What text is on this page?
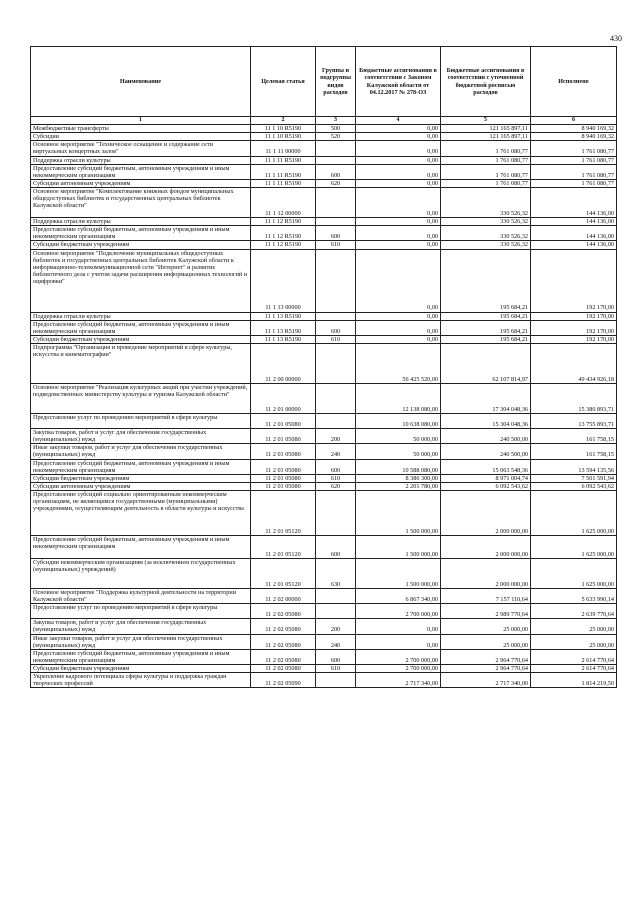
430
Наименование	Целевая статья	Группы и подгруппы видов расходов	Бюджетные ассигнования в соответствии с Законом Калужской области от 04.12.2017 № 278-ОЗ	Бюджетные ассигнования в соответствии с уточненной бюджетной росписью расходов	Исполнено
1	2	3	4	5	6
Межбюджетные трансферты	11 1 10 R5190	500	0,00	121 165 897,11	8 940 169,32
Субсидии	11 1 10 R5190	520	0,00	121 165 897,11	8 940 169,32
Основное мероприятие "Техническое оснащение и содержание сети виртуальных концертных залов"	11 1 11 00000		0,00	1 761 080,77	1 761 080,77
Поддержка отрасли культуры	11 1 11 R5190		0,00	1 761 080,77	1 761 080,77
Предоставление субсидий бюджетным, автономным учреждениям и иным некоммерческим организациям	11 1 11 R5190	600	0,00	1 761 080,77	1 761 080,77
Субсидии автономным учреждениям	11 1 11 R5190	620	0,00	1 761 080,77	1 761 080,77
Основное мероприятие "Комплектование книжных фондов муниципальных общедоступных библиотек и государственных центральных библиотек Калужской области"	11 1 12 00000		0,00	330 526,32	144 136,00
Поддержка отрасли культуры	11 1 12 R5190		0,00	330 526,32	144 136,00
Предоставление субсидий бюджетным, автономным учреждениям и иным некоммерческим организациям	11 1 12 R5190	600	0,00	330 526,32	144 136,00
Субсидии бюджетным учреждениям	11 1 12 R5190	610	0,00	330 526,32	144 136,00
Основное мероприятие "Подключение муниципальных общедоступных библиотек и государственных центральных библиотек Калужской области к информационно-телекоммуникационной сети "Интернет" и развитие библиотечного дела с учетом задачи расширения информационных технологий и оцифровки"	11 1 13 00000		0,00	195 684,21	192 170,00
Поддержка отрасли культуры	11 1 13 R5190		0,00	195 684,21	192 170,00
Предоставление субсидий бюджетным, автономным учреждениям и иным некоммерческим организациям	11 1 13 R5190	600	0,00	195 684,21	192 170,00
Субсидии бюджетным учреждениям	11 1 13 R5190	610	0,00	195 684,21	192 170,00
Подпрограмма "Организация и проведение мероприятий в сфере культуры, искусства и кинематографии"	11 2 00 00000		56 425 520,00	62 107 814,97	49 434 926,18
Основное мероприятие "Реализация культурных акций при участии учреждений, подведомственных министерству культуры и туризма Калужской области"	11 2 01 00000		12 138 080,00	17 304 048,36	15 380 893,71
Предоставление услуг по проведению мероприятий в сфере культуры	11 2 01 05080		10 638 080,00	15 304 048,36	13 755 893,71
Закупка товаров, работ и услуг для обеспечения государственных (муниципальных) нужд	11 2 01 05080	200	50 000,00	240 500,00	161 758,15
Иные закупки товаров, работ и услуг для обеспечения государственных (муниципальных) нужд	11 2 01 05080	240	50 000,00	240 500,00	161 758,15
Предоставление субсидий бюджетным, автономным учреждениям и иным некоммерческим организациям	11 2 01 05080	600	10 588 080,00	15 063 548,36	13 594 135,56
Субсидии бюджетным учреждениям	11 2 01 05080	610	8 386 300,00	8 971 004,74	7 501 591,94
Субсидии автономным учреждениям	11 2 01 05080	620	2 201 780,00	6 092 543,62	6 092 543,62
Предоставление субсидий социально ориентированным некоммерческим организациям, не являющимся государственными (муниципальными) учреждениями, осуществляющим деятельность в области культуры и искусства	11 2 01 05120		1 500 000,00	2 000 000,00	1 625 000,00
Предоставление субсидий бюджетным, автономным учреждениям и иным некоммерческим организациям	11 2 01 05120	600	1 500 000,00	2 000 000,00	1 625 000,00
Субсидии некоммерческим организациям (за исключением государственных (муниципальных) учреждений)	11 2 01 05120	630	1 500 000,00	2 000 000,00	1 625 000,00
Основное мероприятие "Поддержка культурной деятельности на территории Калужской области"	11 2 02 00000		6 867 340,00	7 157 110,64	5 633 990,14
Предоставление услуг по проведению мероприятий в сфере культуры	11 2 02 05080		2 700 000,00	2 989 770,64	2 639 770,64
Закупка товаров, работ и услуг для обеспечения государственных (муниципальных) нужд	11 2 02 05080	200	0,00	25 000,00	25 000,00
Иные закупки товаров, работ и услуг для обеспечения государственных (муниципальных) нужд	11 2 02 05080	240	0,00	25 000,00	25 000,00
Предоставление субсидий бюджетным, автономным учреждениям и иным некоммерческим организациям	11 2 02 05080	600	2 700 000,00	2 964 770,64	2 614 770,64
Субсидии бюджетным учреждениям	11 2 02 05080	610	2 700 000,00	2 964 770,64	2 614 770,64
Укрепление кадрового потенциала сферы культуры и поддержка граждан творческих профессий	11 2 02 05090		2 717 340,00	2 717 340,00	1 814 219,50
